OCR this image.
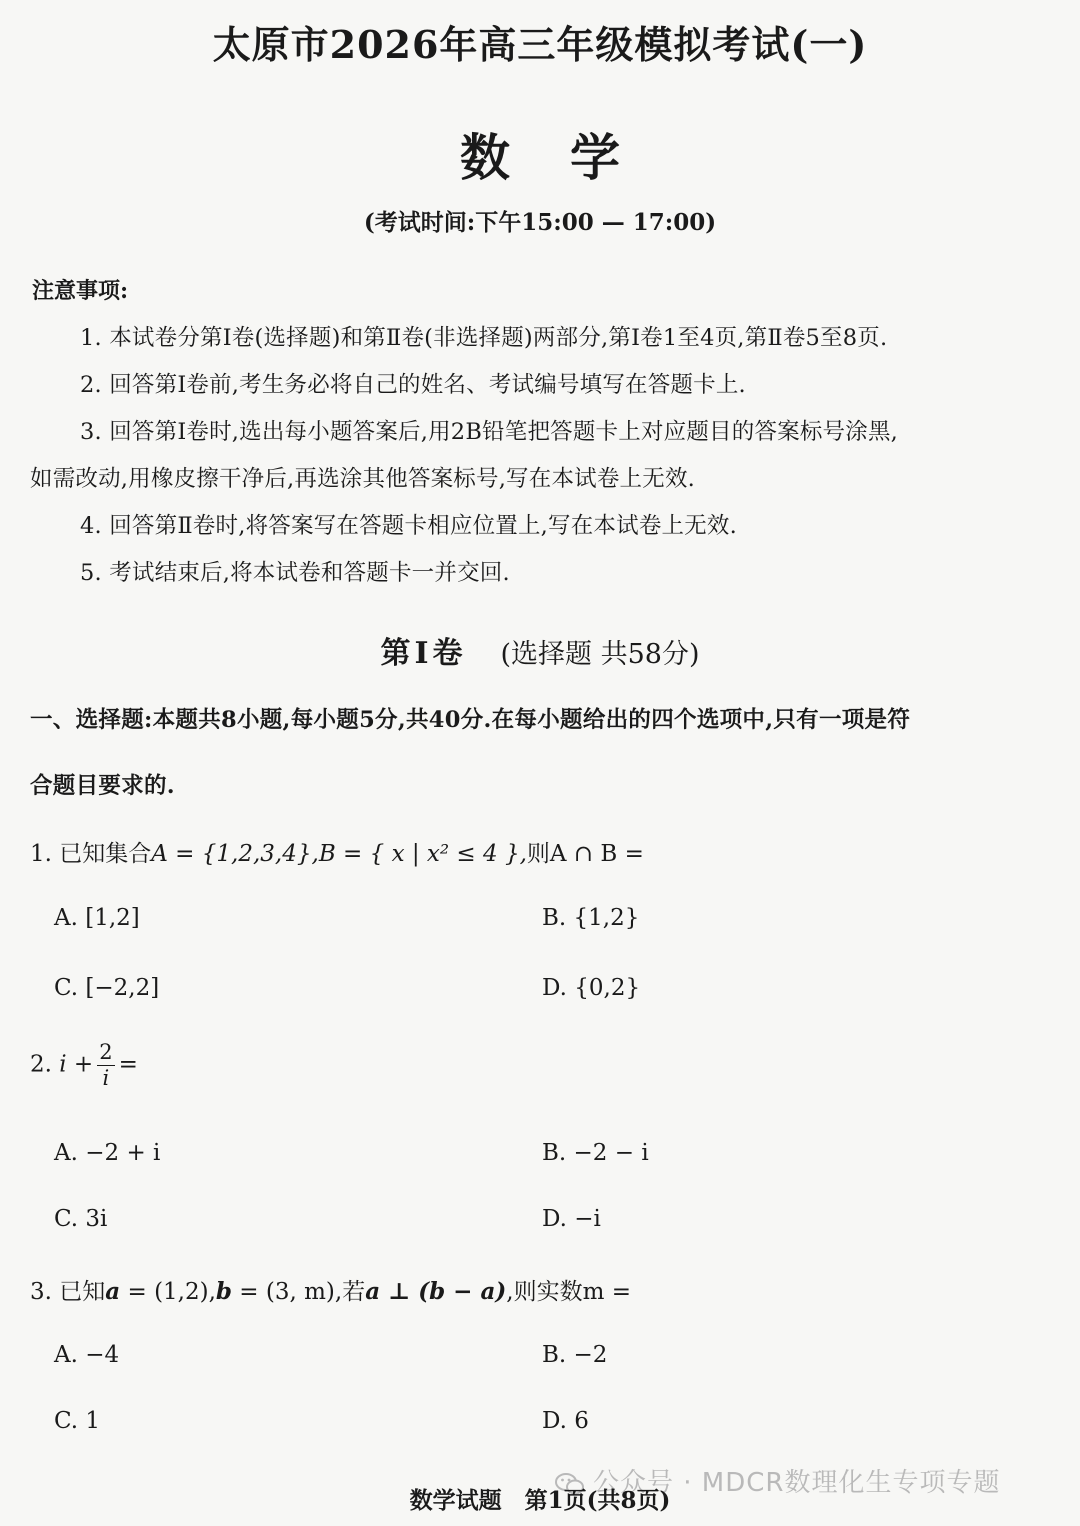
太原市2026年高三年级模拟考试(一)
数学
(考试时间:下午15:00 — 17:00)
注意事项:
1. 本试卷分第Ⅰ卷(选择题)和第Ⅱ卷(非选择题)两部分,第Ⅰ卷1至4页,第Ⅱ卷5至8页.
2. 回答第Ⅰ卷前,考生务必将自己的姓名、考试编号填写在答题卡上.
3. 回答第Ⅰ卷时,选出每小题答案后,用2B铅笔把答题卡上对应题目的答案标号涂黑,
如需改动,用橡皮擦干净后,再选涂其他答案标号,写在本试卷上无效.
4. 回答第Ⅱ卷时,将答案写在答题卡相应位置上,写在本试卷上无效.
5. 考试结束后,将本试卷和答题卡一并交回.
第Ⅰ卷 (选择题 共58分)
一、选择题:本题共8小题,每小题5分,共40分.在每小题给出的四个选项中,只有一项是符
合题目要求的.
1. 已知集合A = {1,2,3,4},B = { x | x² ≤ 4 },则A ∩ B =
A. [1,2]	B. {1,2}
C. [−2,2]	D. {0,2}
2. $i + \frac{2}{i}$ =
A. −2 + i	B. −2 − i
C. 3i	D. −i
3. 已知a = (1,2),b = (3, m),若a ⊥ (b − a),则实数m =
A. −4	B. −2
C. 1	D. 6
公众号 · MDCR数理化生专项专题
数学试题　第1页(共8页)
